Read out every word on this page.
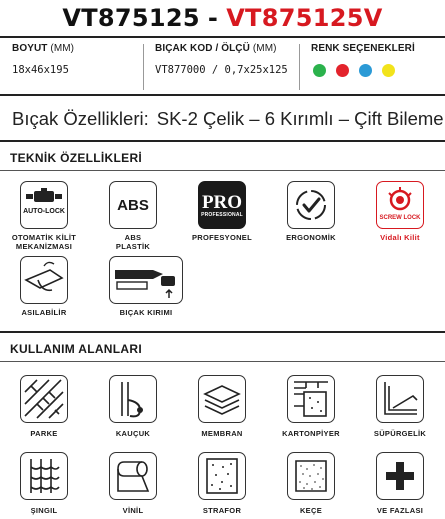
VT875125 - VT875125V
BOYUT (MM)
18x46x195
BIÇAK KOD / ÖLÇÜ (MM)
VT877000 / 0,7x25x125
RENK SEÇENEKLERİ
Bıçak Özellikleri: SK-2 Çelik – 6 Kırımlı – Çift Bileme
TEKNİK ÖZELLİKLERİ
AUTO-LOCK
OTOMATİK KİLİT
MEKANİZMASI
ABS
ABS
PLASTİK
PRO
PROFESSIONAL
PROFESYONEL	ERGONOMİK
SCREW LOCK
Vidalı Kilit
ASILABİLİR	BIÇAK KIRIMI
KULLANIM ALANLARI
PARKE	KAUÇUK	MEMBRAN	KARTONPİYER	SÜPÜRGELİK
ŞINGIL	VİNİL	STRAFOR	KEÇE	VE FAZLASI
